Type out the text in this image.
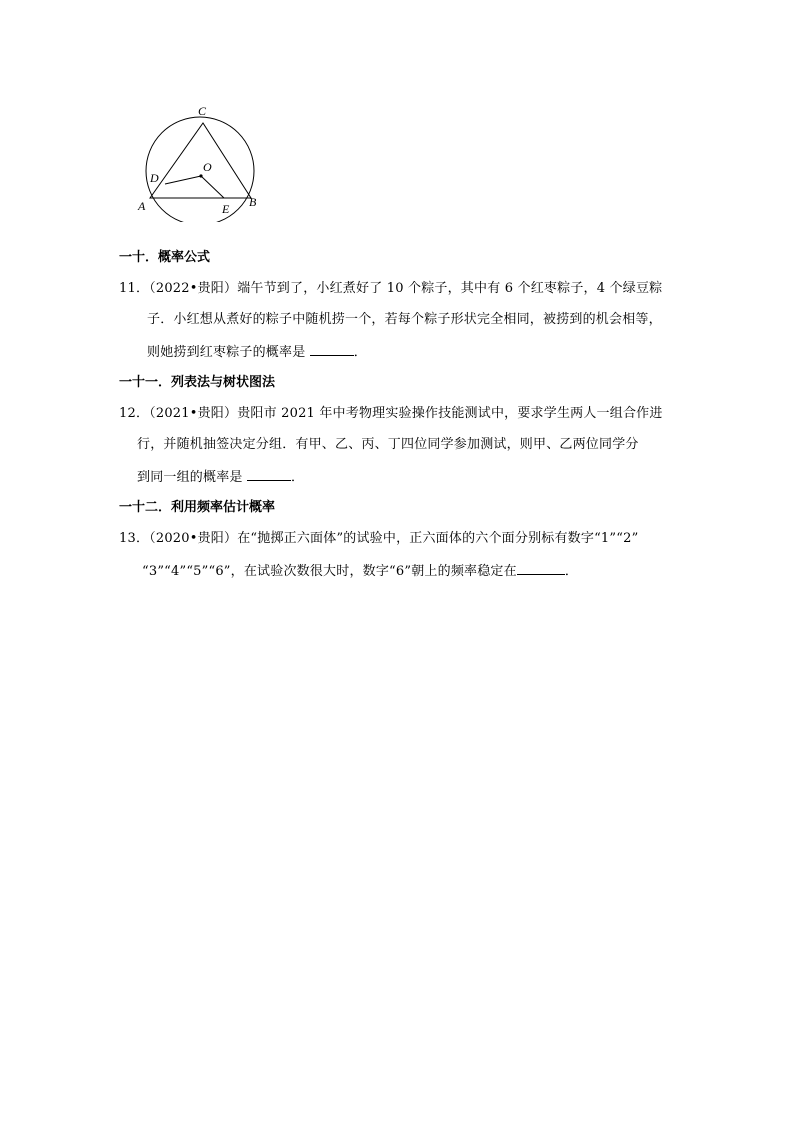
C
O
D
A	E B
一十．概率公式
11．（2022•贵阳）端午节到了，小红煮好了 10 个粽子，其中有 6 个红枣粽子，4 个绿豆粽
子．小红想从煮好的粽子中随机捞一个，若每个粽子形状完全相同，被捞到的机会相等，
则她捞到红枣粽子的概率是	．
一十一．列表法与树状图法
12．（2021•贵阳）贵阳市 2021 年中考物理实验操作技能测试中，要求学生两人一组合作进
行，并随机抽签决定分组．有甲、乙、丙、丁四位同学参加测试，则甲、乙两位同学分
到同一组的概率是	．
一十二．利用频率估计概率
13．（2020•贵阳）在“抛掷正六面体”的试验中，正六面体的六个面分别标有数字“1”“2”
“3”“4”“5”“6”，在试验次数很大时，数字“6”朝上的频率稳定在	．
